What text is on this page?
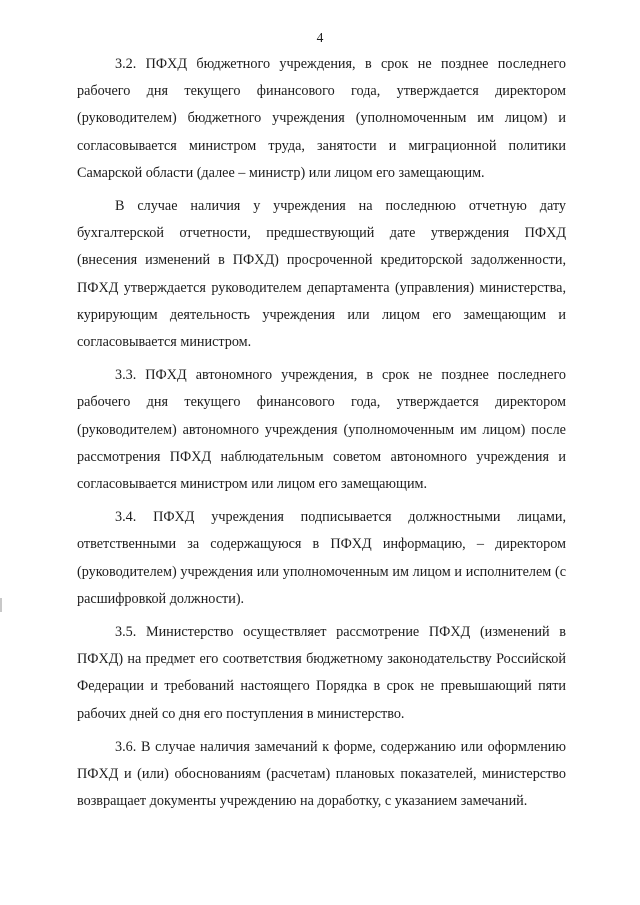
4

3.2. ПФХД бюджетного учреждения, в срок не позднее последнего рабочего дня текущего финансового года, утверждается директором (руководителем) бюджетного учреждения (уполномоченным им лицом) и согласовывается министром труда, занятости и миграционной политики Самарской области (далее – министр) или лицом его замещающим.

В случае наличия у учреждения на последнюю отчетную дату бухгалтерской отчетности, предшествующий дате утверждения ПФХД (внесения изменений в ПФХД) просроченной кредиторской задолженности, ПФХД утверждается руководителем департамента (управления) министерства, курирующим деятельность учреждения или лицом его замещающим и согласовывается министром.

3.3. ПФХД автономного учреждения, в срок не позднее последнего рабочего дня текущего финансового года, утверждается директором (руководителем) автономного учреждения (уполномоченным им лицом) после рассмотрения ПФХД наблюдательным советом автономного учреждения и согласовывается министром или лицом его замещающим.

3.4. ПФХД учреждения подписывается должностными лицами, ответственными за содержащуюся в ПФХД информацию, – директором (руководителем) учреждения или уполномоченным им лицом и исполнителем (с расшифровкой должности).

3.5. Министерство осуществляет рассмотрение ПФХД (изменений в ПФХД) на предмет его соответствия бюджетному законодательству Российской Федерации и требований настоящего Порядка в срок не превышающий пяти рабочих дней со дня его поступления в министерство.

3.6. В случае наличия замечаний к форме, содержанию или оформлению ПФХД и (или) обоснованиям (расчетам) плановых показателей, министерство возвращает документы учреждению на доработку, с указанием замечаний.
